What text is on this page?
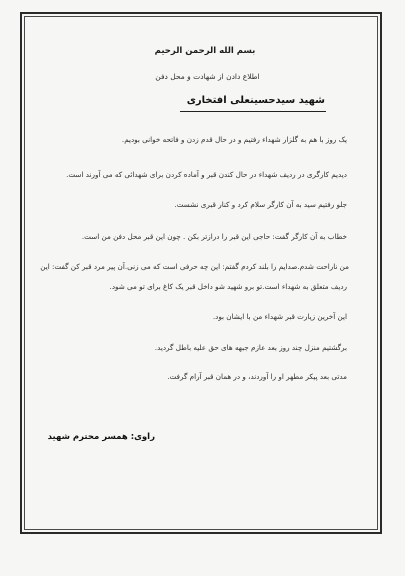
بسم الله الرحمن الرحیم
اطلاع دادن از شهادت و محل دفن
شهید سیدحسینعلی افتخاری
یک روز با هم به گلزار شهداء رفتیم و در حال قدم زدن و فاتحه خوانی بودیم.
دیدیم کارگری در ردیف شهداء در حال کندن قبر و آماده کردن برای شهدائی که می آورند است.
جلو رفتیم سید به آن کارگر سلام کرد و کنار قبری نشست.
خطاب به آن کارگر گفت: حاجی این قبر را درازتر بکن . چون این قبر محل دفن من است.
من ناراحت شدم.صدایم را بلند کردم گفتم: این چه حرفی است که می زنی.آن پیر مرد قبر کن گفت: این
ردیف متعلق به شهداء است.تو برو شهید شو داخل قبر یک کاغ برای تو می شود.
این آخرین زیارت قبر شهداء من با ایشان بود.
برگشتیم منزل چند روز بعد عازم جبهه های حق علیه باطل گردید.
مدتی بعد پیکر مطهر او را آوردند، و در همان قبر آرام گرفت.
راوی: همسر محترم شهید
